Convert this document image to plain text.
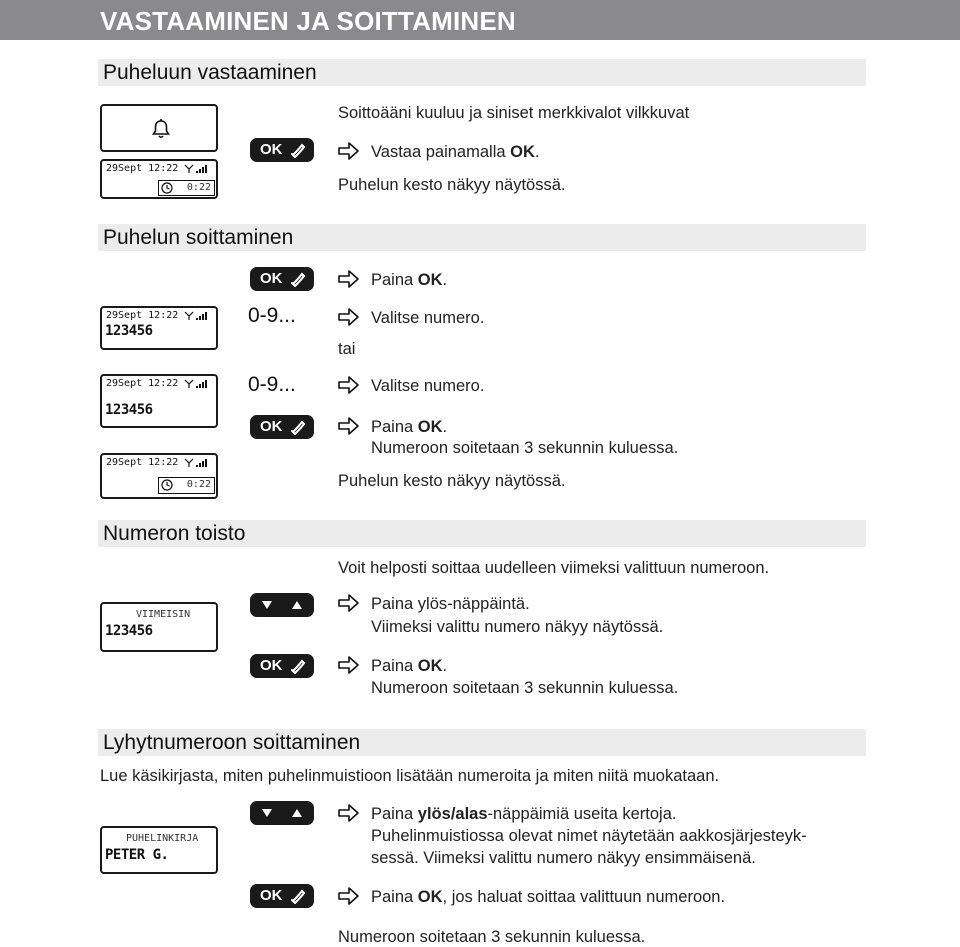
VASTAAMINEN JA SOITTAMINEN
Puheluun vastaaminen
29Sept 12:22
0:22
OK
Soittoääni kuuluu ja siniset merkkivalot vilkkuvat
Vastaa painamalla OK.
Puhelun kesto näkyy näytössä.
Puhelun soittaminen
OK	Paina OK.
29Sept 12:22
123456
0-9...	Valitse numero.
tai
29Sept 12:22
123456
0-9...	Valitse numero.
OK	Paina OK.
Numeroon soitetaan 3 sekunnin kuluessa.
29Sept 12:22
0:22	Puhelun kesto näkyy näytössä.
Numeron toisto
Voit helposti soittaa uudelleen viimeksi valittuun numeroon.
VIIMEISIN
123456
Paina ylös-näppäintä.
Viimeksi valittu numero näkyy näytössä.
OK	Paina OK.
Numeroon soitetaan 3 sekunnin kuluessa.
Lyhytnumeroon soittaminen
Lue käsikirjasta, miten puhelinmuistioon lisätään numeroita ja miten niitä muokataan.
PUHELINKIRJA
PETER G.
Paina ylös/alas-näppäimiä useita kertoja.
Puhelinmuistiossa olevat nimet näytetään aakkosjärjesteyk-
sessä. Viimeksi valittu numero näkyy ensimmäisenä.
OK	Paina OK, jos haluat soittaa valittuun numeroon.
Numeroon soitetaan 3 sekunnin kuluessa.
